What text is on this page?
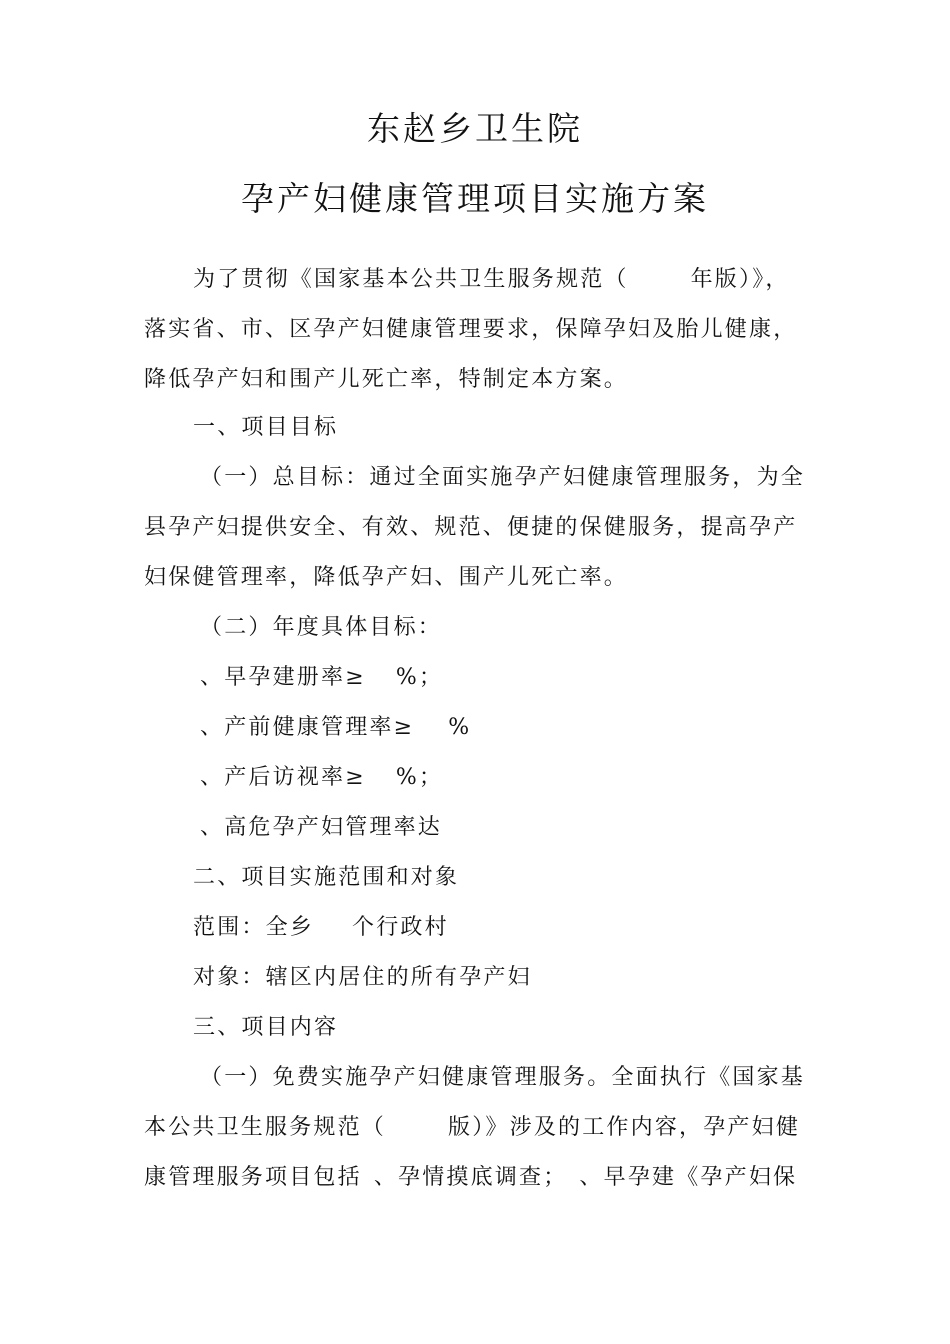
东赵乡卫生院
孕产妇健康管理项目实施方案
为了贯彻《国家基本公共卫生服务规范（	年版）》，
落实省、市、区孕产妇健康管理要求，保障孕妇及胎儿健康，
降低孕产妇和围产儿死亡率，特制定本方案。
一、项目目标
（一）总目标：通过全面实施孕产妇健康管理服务，为全
县孕产妇提供安全、有效、规范、便捷的保健服务，提高孕产
妇保健管理率，降低孕产妇、围产儿死亡率。
（二）年度具体目标：
、早孕建册率≥ %；
、产前健康管理率≥ %
、产后访视率≥ %；
、高危孕产妇管理率达
二、项目实施范围和对象
范围：全乡 个行政村
对象：辖区内居住的所有孕产妇
三、项目内容
（一）免费实施孕产妇健康管理服务。全面执行《国家基
本公共卫生服务规范（	版）》涉及的工作内容，孕产妇健
康管理服务项目包括 、孕情摸底调查； 、早孕建《孕产妇保
